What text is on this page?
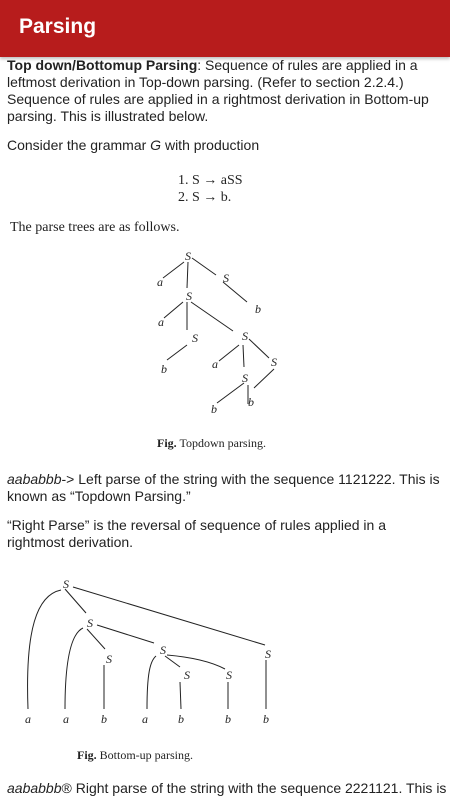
Parsing

Top down/Bottomup Parsing: Sequence of rules are applied in a leftmost derivation in Top-down parsing. (Refer to section 2.2.4.) Sequence of rules are applied in a rightmost derivation in Bottom-up parsing. This is illustrated below.

Consider the grammar G with production

1. S → aSS
2. S → b.
The parse trees are as follows.
S
a	S
S
b
a
S
b
S
a
S
S
b	b
Fig. Topdown parsing.

aababbb-> Left parse of the string with the sequence 1121222. This is known as “Topdown Parsing.”

“Right Parse” is the reversal of sequence of rules applied in a rightmost derivation.

S
S
S
S
S	S
S
a	a	b	a	b	b	b
Fig. Bottom-up parsing.

aababbb® Right parse of the string with the sequence 2221121. This is
